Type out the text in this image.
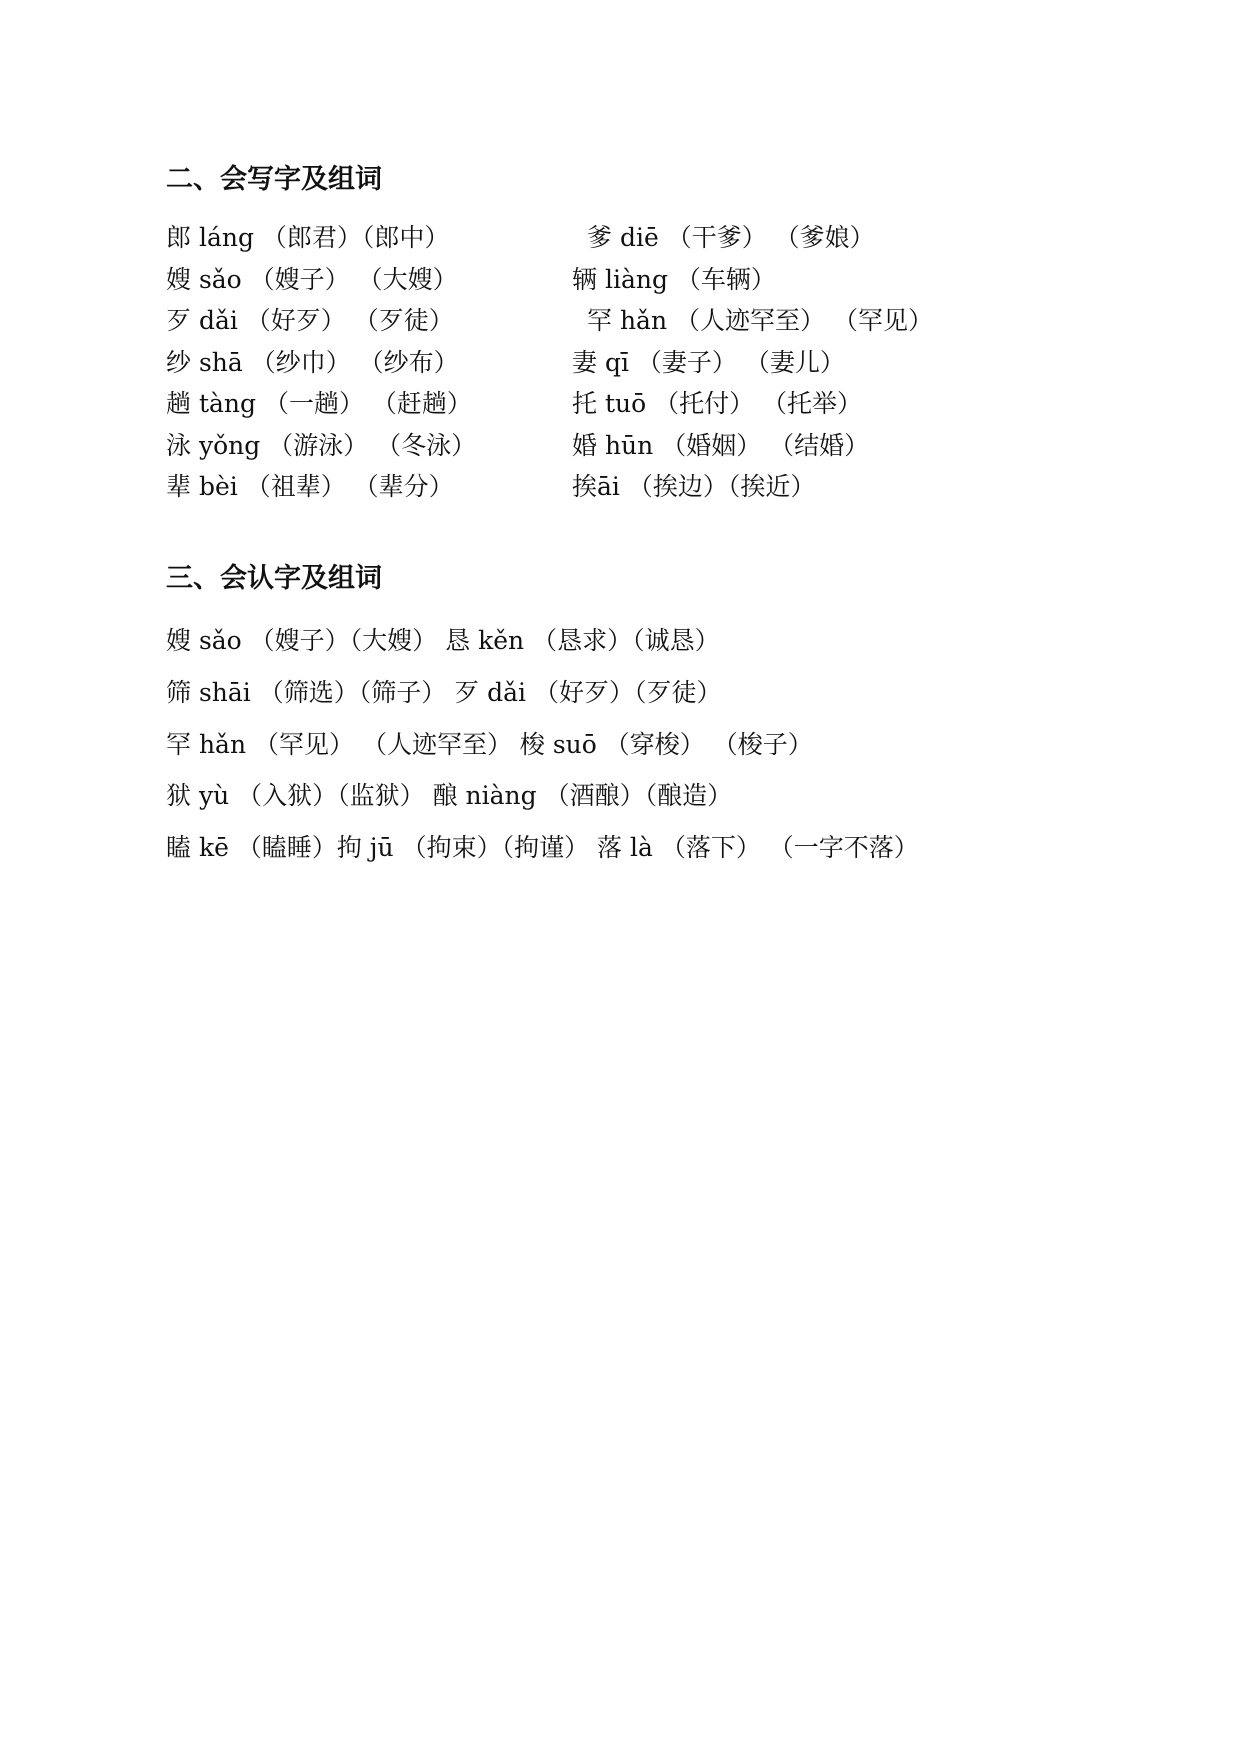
二、会写字及组词

郎 láng （郎君）（郎中）

嫂 sǎo （嫂子） （大嫂）

歹 dǎi （好歹） （歹徒）

纱 shā （纱巾） （纱布）

趟 tàng （一趟） （赶趟）

泳 yǒng （游泳） （冬泳）

辈 bèi （祖辈） （辈分）

爹 diē （干爹） （爹娘）

辆 liàng （车辆）

罕 hǎn （人迹罕至） （罕见）

妻 qī （妻子） （妻儿）

托 tuō （托付） （托举）

婚 hūn （婚姻） （结婚）

挨āi （挨边）（挨近）

三、会认字及组词

嫂 sǎo （嫂子）（大嫂） 恳 kěn （恳求）（诚恳）

筛 shāi （筛选）（筛子） 歹 dǎi （好歹）（歹徒）

罕 hǎn （罕见） （人迹罕至） 梭 suō （穿梭） （梭子）

狱 yù （入狱）（监狱） 酿 niàng （酒酿）（酿造）

瞌 kē （瞌睡）拘 jū （拘束）（拘谨） 落 là （落下） （一字不落）
